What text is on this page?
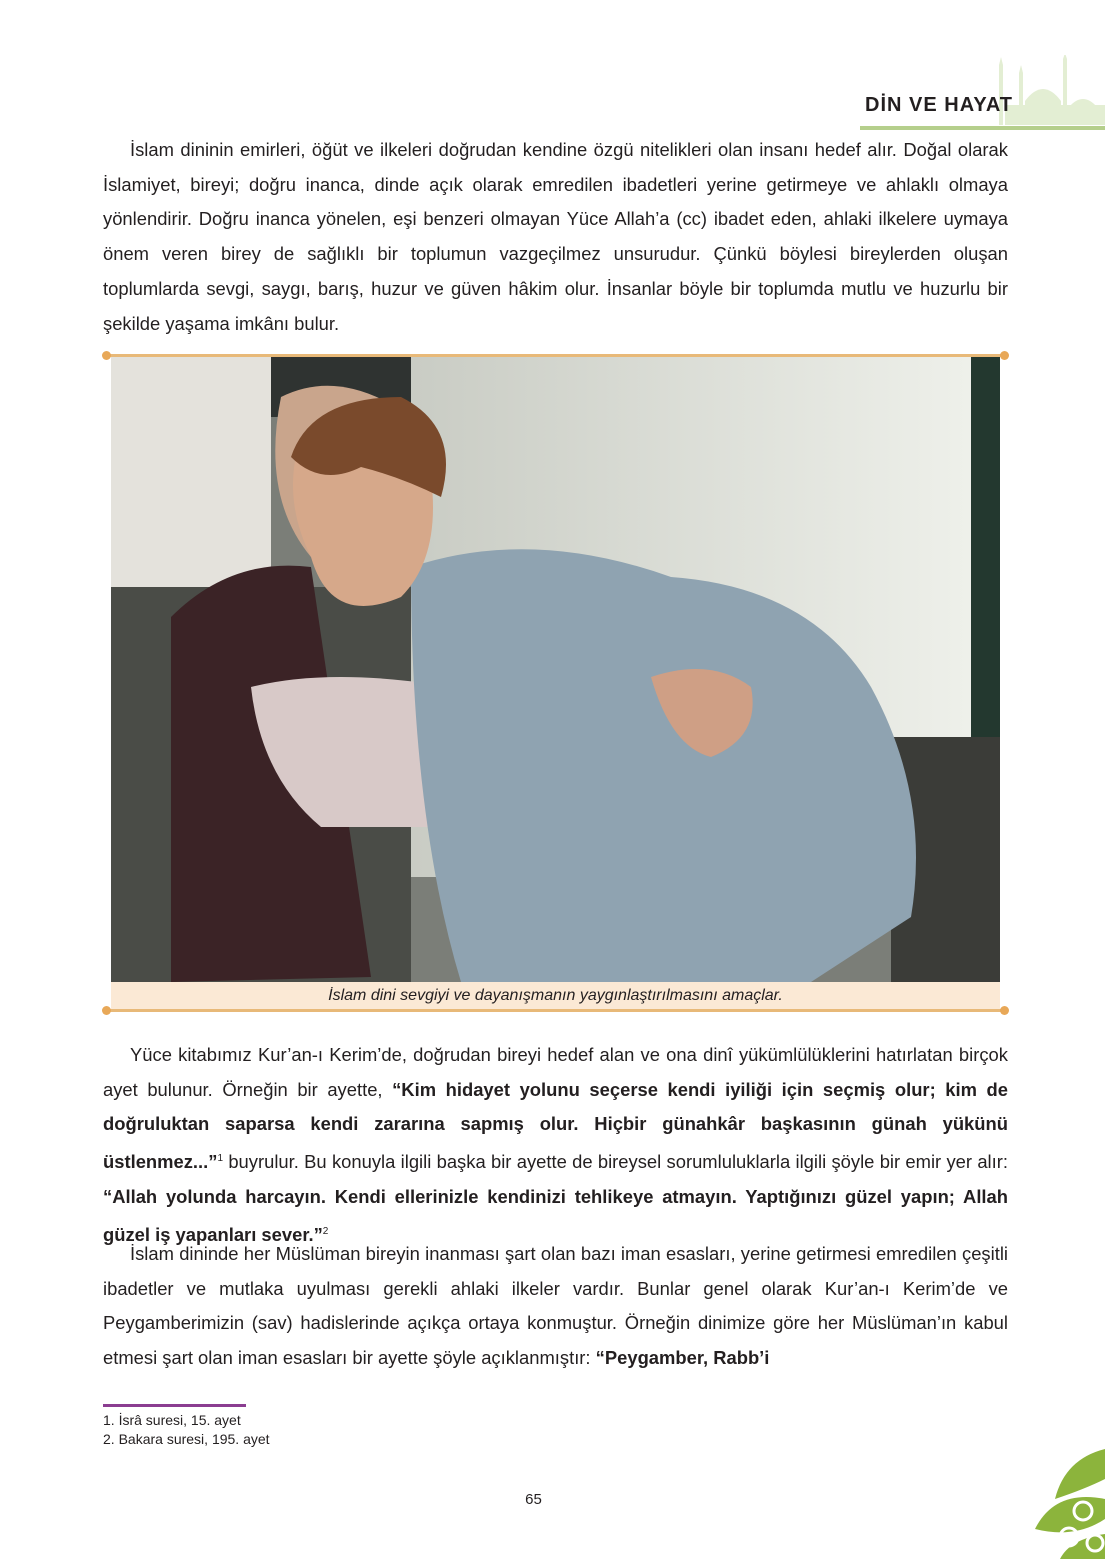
DİN VE HAYAT

İslam dininin emirleri, öğüt ve ilkeleri doğrudan kendine özgü nitelikleri olan insanı hedef alır. Doğal olarak İslamiyet, bireyi; doğru inanca, dinde açık olarak emredilen ibadetleri yerine getirmeye ve ahlaklı olmaya yönlendirir. Doğru inanca yönelen, eşi benzeri olmayan Yüce Allah’a (cc) ibadet eden, ahlaki ilkelere uymaya önem veren birey de sağlıklı bir toplumun vazgeçilmez unsurudur. Çünkü böylesi bireylerden oluşan toplumlarda sevgi, saygı, barış, huzur ve güven hâkim olur. İnsanlar böyle bir toplumda mutlu ve huzurlu bir şekilde yaşama imkânı bulur.

İslam dini sevgiyi ve dayanışmanın yaygınlaştırılmasını amaçlar.

Yüce kitabımız Kur’an-ı Kerim’de, doğrudan bireyi hedef alan ve ona dinî yükümlülüklerini hatırlatan birçok ayet bulunur. Örneğin bir ayette, “Kim hidayet yolunu seçerse kendi iyiliği için seçmiş olur; kim de doğruluktan saparsa kendi zararına sapmış olur. Hiçbir günahkâr başkasının günah yükünü üstlenmez...”$^1$ buyrulur. Bu konuyla ilgili başka bir ayette de bireysel sorumluluklarla ilgili şöyle bir emir yer alır: “Allah yolunda harcayın. Kendi ellerinizle kendinizi tehlikeye atmayın. Yaptığınızı güzel yapın; Allah güzel iş yapanları sever.”$^2$

İslam dininde her Müslüman bireyin inanması şart olan bazı iman esasları, yerine getirmesi emredilen çeşitli ibadetler ve mutlaka uyulması gerekli ahlaki ilkeler vardır. Bunlar genel olarak Kur’an-ı Kerim’de ve Peygamberimizin (sav) hadislerinde açıkça ortaya konmuştur. Örneğin dinimize göre her Müslüman’ın kabul etmesi şart olan iman esasları bir ayette şöyle açıklanmıştır: “Peygamber, Rabb’i

1. İsrâ suresi, 15. ayet
2. Bakara suresi, 195. ayet
65
